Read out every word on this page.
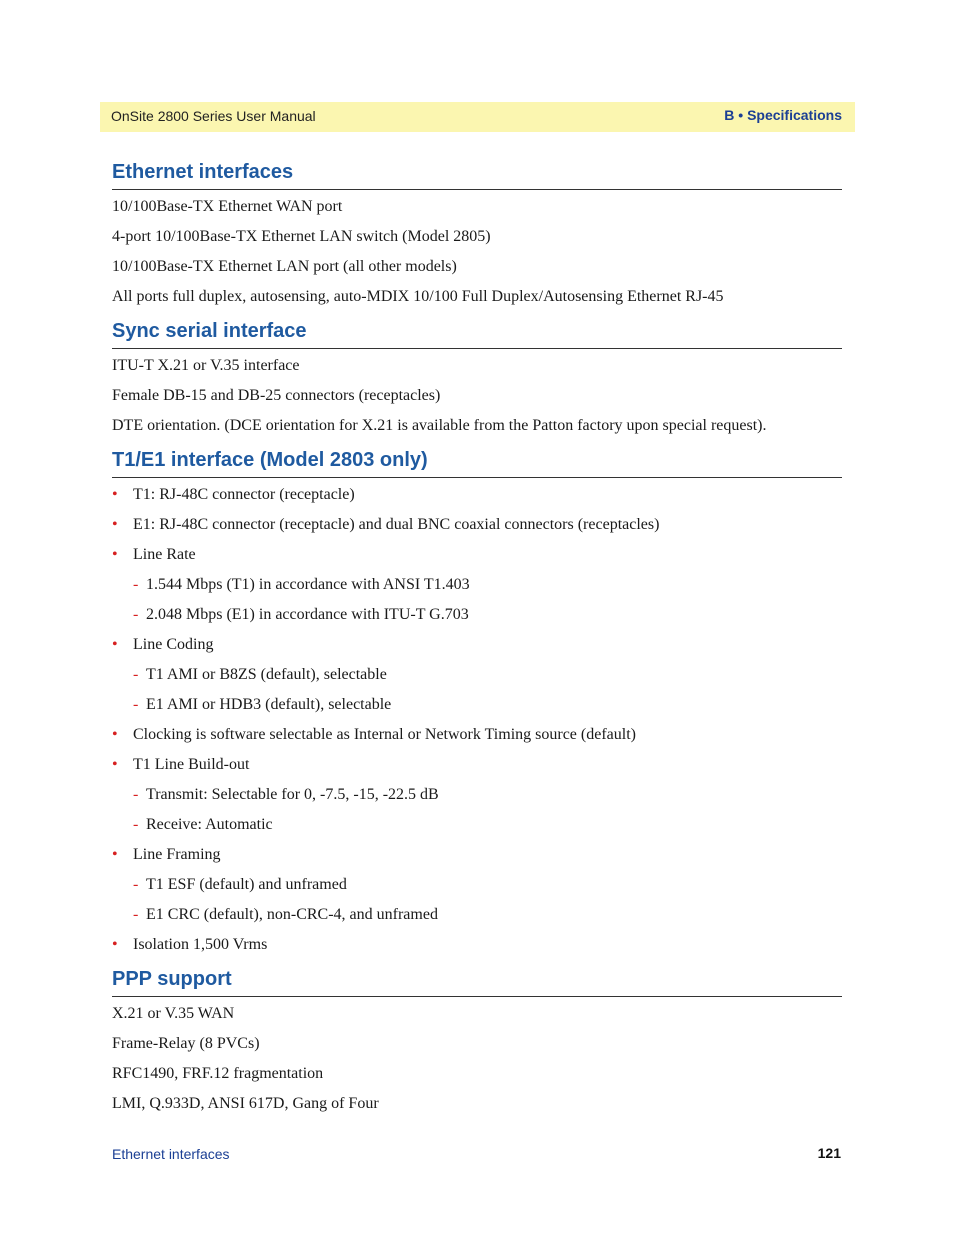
OnSite 2800 Series User Manual	B • Specifications
Ethernet interfaces

10/100Base-TX Ethernet WAN port

4-port 10/100Base-TX Ethernet LAN switch (Model 2805)

10/100Base-TX Ethernet LAN port (all other models)

All ports full duplex, autosensing, auto-MDIX 10/100 Full Duplex/Autosensing Ethernet RJ-45

Sync serial interface

ITU-T X.21 or V.35 interface

Female DB-15 and DB-25 connectors (receptacles)

DTE orientation. (DCE orientation for X.21 is available from the Patton factory upon special request).

T1/E1 interface (Model 2803 only)
• T1: RJ-48C connector (receptacle)
• E1: RJ-48C connector (receptacle) and dual BNC coaxial connectors (receptacles)
• Line Rate
- 1.544 Mbps (T1) in accordance with ANSI T1.403
- 2.048 Mbps (E1) in accordance with ITU-T G.703
• Line Coding
- T1 AMI or B8ZS (default), selectable
- E1 AMI or HDB3 (default), selectable
• Clocking is software selectable as Internal or Network Timing source (default)
• T1 Line Build-out
- Transmit: Selectable for 0, -7.5, -15, -22.5 dB
- Receive: Automatic
• Line Framing
- T1 ESF (default) and unframed
- E1 CRC (default), non-CRC-4, and unframed
• Isolation 1,500 Vrms
PPP support

X.21 or V.35 WAN

Frame-Relay (8 PVCs)

RFC1490, FRF.12 fragmentation

LMI, Q.933D, ANSI 617D, Gang of Four

Ethernet interfaces	121
